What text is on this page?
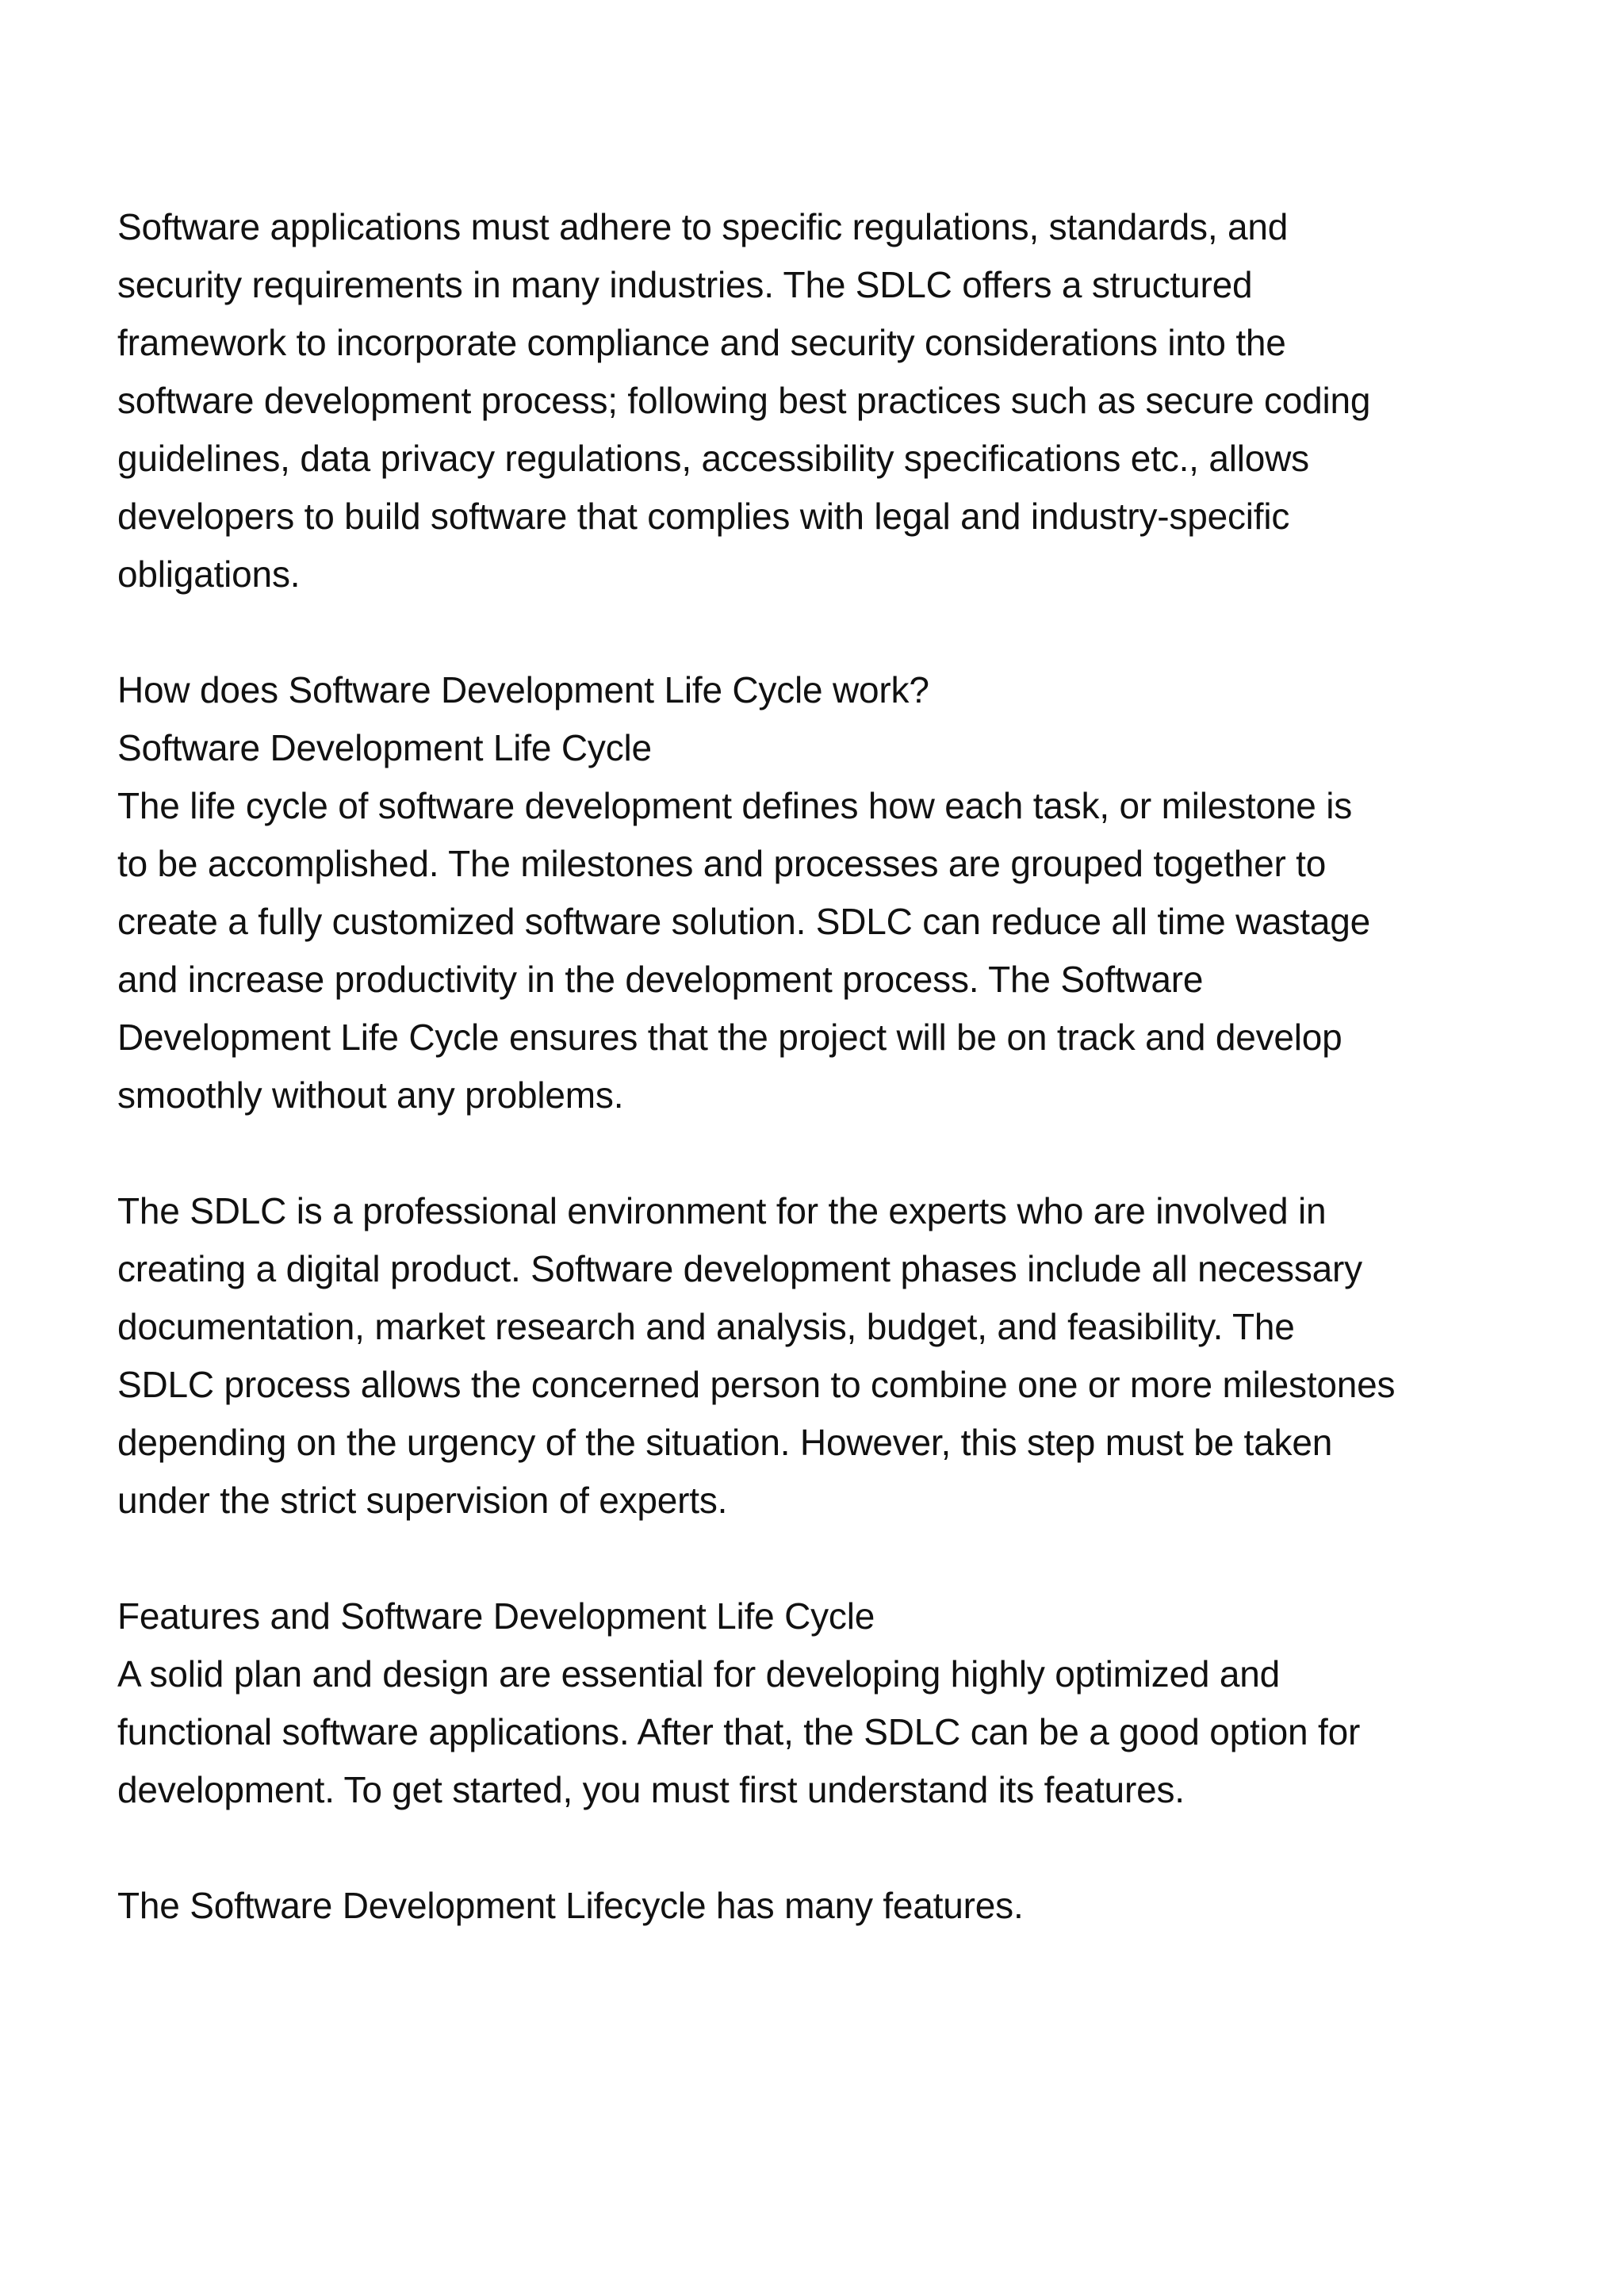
Software applications must adhere to specific regulations, standards, and
security requirements in many industries. The SDLC offers a structured
framework to incorporate compliance and security considerations into the
software development process; following best practices such as secure coding
guidelines, data privacy regulations, accessibility specifications etc., allows
developers to build software that complies with legal and industry-specific
obligations.
How does Software Development Life Cycle work?
Software Development Life Cycle
The life cycle of software development defines how each task, or milestone is
to be accomplished. The milestones and processes are grouped together to
create a fully customized software solution. SDLC can reduce all time wastage
and increase productivity in the development process. The Software
Development Life Cycle ensures that the project will be on track and develop
smoothly without any problems.
The SDLC is a professional environment for the experts who are involved in
creating a digital product. Software development phases include all necessary
documentation, market research and analysis, budget, and feasibility. The
SDLC process allows the concerned person to combine one or more milestones
depending on the urgency of the situation. However, this step must be taken
under the strict supervision of experts.
Features and Software Development Life Cycle
A solid plan and design are essential for developing highly optimized and
functional software applications. After that, the SDLC can be a good option for
development. To get started, you must first understand its features.
The Software Development Lifecycle has many features.
